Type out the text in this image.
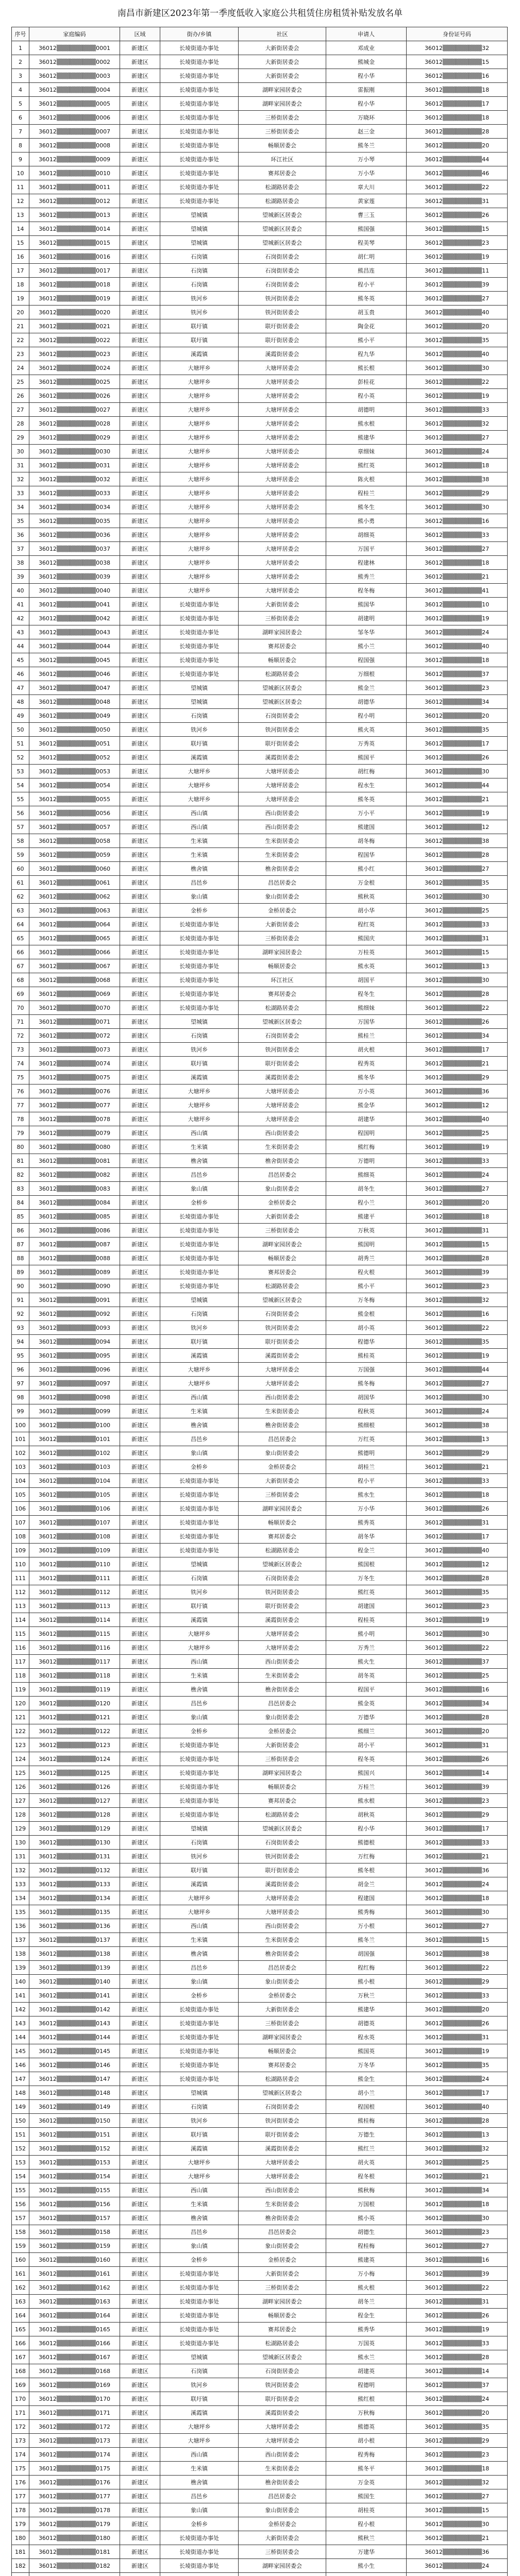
南昌市新建区2023年第一季度低收入家庭公共租赁住房租赁补贴发放名单
序号	家庭编码	区域	街办/乡镇	社区	申请人	身份证号码
1	36012▒▒▒▒▒▒▒▒▒0001	新建区	长堎街道办事处	大新街居委会	邓成业	36012▒▒▒▒▒▒▒▒▒32
2	36012▒▒▒▒▒▒▒▒▒0002	新建区	长堎街道办事处	大新街居委会	熊城金	36012▒▒▒▒▒▒▒▒▒15
3	36012▒▒▒▒▒▒▒▒▒0003	新建区	长堎街道办事处	大新街居委会	程小华	36012▒▒▒▒▒▒▒▒▒16
4	36012▒▒▒▒▒▒▒▒▒0004	新建区	长堎街道办事处	湖畔家园居委会	雷振刚	36012▒▒▒▒▒▒▒▒▒18
5	36012▒▒▒▒▒▒▒▒▒0005	新建区	长堎街道办事处	湖畔家园居委会	程小华	36012▒▒▒▒▒▒▒▒▒17
6	36012▒▒▒▒▒▒▒▒▒0006	新建区	长堎街道办事处	三桥街居委会	万晓环	36012▒▒▒▒▒▒▒▒▒18
7	36012▒▒▒▒▒▒▒▒▒0007	新建区	长堎街道办事处	三桥街居委会	赵三金	36012▒▒▒▒▒▒▒▒▒28
8	36012▒▒▒▒▒▒▒▒▒0008	新建区	长堎街道办事处	畅顺居委会	熊冬兰	36012▒▒▒▒▒▒▒▒▒20
9	36012▒▒▒▒▒▒▒▒▒0009	新建区	长堎街道办事处	环江社区	万小琴	36012▒▒▒▒▒▒▒▒▒44
10	36012▒▒▒▒▒▒▒▒▒0010	新建区	长堎街道办事处	赛邦居委会	万小华	36012▒▒▒▒▒▒▒▒▒46
11	36012▒▒▒▒▒▒▒▒▒0011	新建区	长堎街道办事处	松湖路居委会	章大川	36012▒▒▒▒▒▒▒▒▒22
12	36012▒▒▒▒▒▒▒▒▒0012	新建区	长堎街道办事处	松湖路居委会	黄家莲	36012▒▒▒▒▒▒▒▒▒31
13	36012▒▒▒▒▒▒▒▒▒0013	新建区	望城镇	望城新区居委会	曹三玉	36012▒▒▒▒▒▒▒▒▒26
14	36012▒▒▒▒▒▒▒▒▒0014	新建区	望城镇	望城新区居委会	熊国强	36012▒▒▒▒▒▒▒▒▒15
15	36012▒▒▒▒▒▒▒▒▒0015	新建区	望城镇	望城新区居委会	程美琴	36012▒▒▒▒▒▒▒▒▒23
16	36012▒▒▒▒▒▒▒▒▒0016	新建区	石岗镇	石岗街居委会	胡仁明	36012▒▒▒▒▒▒▒▒▒19
17	36012▒▒▒▒▒▒▒▒▒0017	新建区	石岗镇	石岗街居委会	熊昌连	36012▒▒▒▒▒▒▒▒▒11
18	36012▒▒▒▒▒▒▒▒▒0018	新建区	石岗镇	石岗街居委会	程小平	36012▒▒▒▒▒▒▒▒▒39
19	36012▒▒▒▒▒▒▒▒▒0019	新建区	铁河乡	铁河街居委会	熊冬英	36012▒▒▒▒▒▒▒▒▒27
20	36012▒▒▒▒▒▒▒▒▒0020	新建区	铁河乡	铁河街居委会	胡玉贵	36012▒▒▒▒▒▒▒▒▒40
21	36012▒▒▒▒▒▒▒▒▒0021	新建区	联圩镇	联圩街居委会	陶金花	36012▒▒▒▒▒▒▒▒▒20
22	36012▒▒▒▒▒▒▒▒▒0022	新建区	联圩镇	联圩街居委会	熊小平	36012▒▒▒▒▒▒▒▒▒35
23	36012▒▒▒▒▒▒▒▒▒0023	新建区	溪霞镇	溪霞街居委会	程九华	36012▒▒▒▒▒▒▒▒▒40
24	36012▒▒▒▒▒▒▒▒▒0024	新建区	大塘坪乡	大塘坪居委会	熊长根	36012▒▒▒▒▒▒▒▒▒30
25	36012▒▒▒▒▒▒▒▒▒0025	新建区	大塘坪乡	大塘坪居委会	彭桂花	36012▒▒▒▒▒▒▒▒▒22
26	36012▒▒▒▒▒▒▒▒▒0026	新建区	大塘坪乡	大塘坪居委会	程小英	36012▒▒▒▒▒▒▒▒▒19
27	36012▒▒▒▒▒▒▒▒▒0027	新建区	大塘坪乡	大塘坪居委会	胡德明	36012▒▒▒▒▒▒▒▒▒33
28	36012▒▒▒▒▒▒▒▒▒0028	新建区	大塘坪乡	大塘坪居委会	熊水根	36012▒▒▒▒▒▒▒▒▒32
29	36012▒▒▒▒▒▒▒▒▒0029	新建区	大塘坪乡	大塘坪居委会	熊建华	36012▒▒▒▒▒▒▒▒▒27
30	36012▒▒▒▒▒▒▒▒▒0030	新建区	大塘坪乡	大塘坪居委会	章细妹	36012▒▒▒▒▒▒▒▒▒24
31	36012▒▒▒▒▒▒▒▒▒0031	新建区	大塘坪乡	大塘坪居委会	熊红英	36012▒▒▒▒▒▒▒▒▒18
32	36012▒▒▒▒▒▒▒▒▒0032	新建区	大塘坪乡	大塘坪居委会	陈火根	36012▒▒▒▒▒▒▒▒▒38
33	36012▒▒▒▒▒▒▒▒▒0033	新建区	大塘坪乡	大塘坪居委会	程桂兰	36012▒▒▒▒▒▒▒▒▒29
34	36012▒▒▒▒▒▒▒▒▒0034	新建区	大塘坪乡	大塘坪居委会	熊冬生	36012▒▒▒▒▒▒▒▒▒30
35	36012▒▒▒▒▒▒▒▒▒0035	新建区	大塘坪乡	大塘坪居委会	熊小勇	36012▒▒▒▒▒▒▒▒▒16
36	36012▒▒▒▒▒▒▒▒▒0036	新建区	大塘坪乡	大塘坪居委会	胡细英	36012▒▒▒▒▒▒▒▒▒33
37	36012▒▒▒▒▒▒▒▒▒0037	新建区	大塘坪乡	大塘坪居委会	万国平	36012▒▒▒▒▒▒▒▒▒27
38	36012▒▒▒▒▒▒▒▒▒0038	新建区	大塘坪乡	大塘坪居委会	程建林	36012▒▒▒▒▒▒▒▒▒18
39	36012▒▒▒▒▒▒▒▒▒0039	新建区	大塘坪乡	大塘坪居委会	熊秀兰	36012▒▒▒▒▒▒▒▒▒21
40	36012▒▒▒▒▒▒▒▒▒0040	新建区	大塘坪乡	大塘坪居委会	程冬梅	36012▒▒▒▒▒▒▒▒▒41
41	36012▒▒▒▒▒▒▒▒▒0041	新建区	长堎街道办事处	大新街居委会	熊国华	36012▒▒▒▒▒▒▒▒▒10
42	36012▒▒▒▒▒▒▒▒▒0042	新建区	长堎街道办事处	三桥街居委会	胡建明	36012▒▒▒▒▒▒▒▒▒19
43	36012▒▒▒▒▒▒▒▒▒0043	新建区	长堎街道办事处	湖畔家园居委会	邹冬华	36012▒▒▒▒▒▒▒▒▒24
44	36012▒▒▒▒▒▒▒▒▒0044	新建区	长堎街道办事处	赛邦居委会	熊小兰	36012▒▒▒▒▒▒▒▒▒40
45	36012▒▒▒▒▒▒▒▒▒0045	新建区	长堎街道办事处	畅顺居委会	程国强	36012▒▒▒▒▒▒▒▒▒18
46	36012▒▒▒▒▒▒▒▒▒0046	新建区	长堎街道办事处	松湖路居委会	万细根	36012▒▒▒▒▒▒▒▒▒37
47	36012▒▒▒▒▒▒▒▒▒0047	新建区	望城镇	望城新区居委会	熊金兰	36012▒▒▒▒▒▒▒▒▒23
48	36012▒▒▒▒▒▒▒▒▒0048	新建区	望城镇	望城新区居委会	胡德华	36012▒▒▒▒▒▒▒▒▒34
49	36012▒▒▒▒▒▒▒▒▒0049	新建区	石岗镇	石岗街居委会	程小明	36012▒▒▒▒▒▒▒▒▒20
50	36012▒▒▒▒▒▒▒▒▒0050	新建区	铁河乡	铁河街居委会	熊火英	36012▒▒▒▒▒▒▒▒▒35
51	36012▒▒▒▒▒▒▒▒▒0051	新建区	联圩镇	联圩街居委会	万秀英	36012▒▒▒▒▒▒▒▒▒17
52	36012▒▒▒▒▒▒▒▒▒0052	新建区	溪霞镇	溪霞街居委会	熊国平	36012▒▒▒▒▒▒▒▒▒26
53	36012▒▒▒▒▒▒▒▒▒0053	新建区	大塘坪乡	大塘坪居委会	胡红梅	36012▒▒▒▒▒▒▒▒▒30
54	36012▒▒▒▒▒▒▒▒▒0054	新建区	大塘坪乡	大塘坪居委会	程水生	36012▒▒▒▒▒▒▒▒▒44
55	36012▒▒▒▒▒▒▒▒▒0055	新建区	大塘坪乡	大塘坪居委会	熊冬英	36012▒▒▒▒▒▒▒▒▒21
56	36012▒▒▒▒▒▒▒▒▒0056	新建区	西山镇	西山街居委会	万小平	36012▒▒▒▒▒▒▒▒▒19
57	36012▒▒▒▒▒▒▒▒▒0057	新建区	西山镇	西山街居委会	熊建国	36012▒▒▒▒▒▒▒▒▒12
58	36012▒▒▒▒▒▒▒▒▒0058	新建区	生米镇	生米街居委会	胡冬梅	36012▒▒▒▒▒▒▒▒▒38
59	36012▒▒▒▒▒▒▒▒▒0059	新建区	生米镇	生米街居委会	程国华	36012▒▒▒▒▒▒▒▒▒28
60	36012▒▒▒▒▒▒▒▒▒0060	新建区	樵舍镇	樵舍街居委会	熊小红	36012▒▒▒▒▒▒▒▒▒27
61	36012▒▒▒▒▒▒▒▒▒0061	新建区	昌邑乡	昌邑居委会	万金根	36012▒▒▒▒▒▒▒▒▒35
62	36012▒▒▒▒▒▒▒▒▒0062	新建区	象山镇	象山街居委会	熊秋英	36012▒▒▒▒▒▒▒▒▒30
63	36012▒▒▒▒▒▒▒▒▒0063	新建区	金桥乡	金桥居委会	胡小华	36012▒▒▒▒▒▒▒▒▒25
64	36012▒▒▒▒▒▒▒▒▒0064	新建区	长堎街道办事处	大新街居委会	程红英	36012▒▒▒▒▒▒▒▒▒33
65	36012▒▒▒▒▒▒▒▒▒0065	新建区	长堎街道办事处	三桥街居委会	熊国庆	36012▒▒▒▒▒▒▒▒▒31
66	36012▒▒▒▒▒▒▒▒▒0066	新建区	长堎街道办事处	湖畔家园居委会	万桂英	36012▒▒▒▒▒▒▒▒▒15
67	36012▒▒▒▒▒▒▒▒▒0067	新建区	长堎街道办事处	畅顺居委会	熊水英	36012▒▒▒▒▒▒▒▒▒13
68	36012▒▒▒▒▒▒▒▒▒0068	新建区	长堎街道办事处	环江社区	胡国平	36012▒▒▒▒▒▒▒▒▒30
69	36012▒▒▒▒▒▒▒▒▒0069	新建区	长堎街道办事处	赛邦居委会	程冬生	36012▒▒▒▒▒▒▒▒▒28
70	36012▒▒▒▒▒▒▒▒▒0070	新建区	长堎街道办事处	松湖路居委会	熊细妹	36012▒▒▒▒▒▒▒▒▒22
71	36012▒▒▒▒▒▒▒▒▒0071	新建区	望城镇	望城新区居委会	万国华	36012▒▒▒▒▒▒▒▒▒26
72	36012▒▒▒▒▒▒▒▒▒0072	新建区	石岗镇	石岗街居委会	熊桂兰	36012▒▒▒▒▒▒▒▒▒34
73	36012▒▒▒▒▒▒▒▒▒0073	新建区	铁河乡	铁河街居委会	胡火根	36012▒▒▒▒▒▒▒▒▒17
74	36012▒▒▒▒▒▒▒▒▒0074	新建区	联圩镇	联圩街居委会	程秀英	36012▒▒▒▒▒▒▒▒▒21
75	36012▒▒▒▒▒▒▒▒▒0075	新建区	溪霞镇	溪霞街居委会	熊冬华	36012▒▒▒▒▒▒▒▒▒29
76	36012▒▒▒▒▒▒▒▒▒0076	新建区	大塘坪乡	大塘坪居委会	万小英	36012▒▒▒▒▒▒▒▒▒36
77	36012▒▒▒▒▒▒▒▒▒0077	新建区	大塘坪乡	大塘坪居委会	熊金华	36012▒▒▒▒▒▒▒▒▒12
78	36012▒▒▒▒▒▒▒▒▒0078	新建区	大塘坪乡	大塘坪居委会	胡建华	36012▒▒▒▒▒▒▒▒▒40
79	36012▒▒▒▒▒▒▒▒▒0079	新建区	西山镇	西山街居委会	程国明	36012▒▒▒▒▒▒▒▒▒25
80	36012▒▒▒▒▒▒▒▒▒0080	新建区	生米镇	生米街居委会	熊红梅	36012▒▒▒▒▒▒▒▒▒19
81	36012▒▒▒▒▒▒▒▒▒0081	新建区	樵舍镇	樵舍街居委会	万德明	36012▒▒▒▒▒▒▒▒▒33
82	36012▒▒▒▒▒▒▒▒▒0082	新建区	昌邑乡	昌邑居委会	熊细英	36012▒▒▒▒▒▒▒▒▒24
83	36012▒▒▒▒▒▒▒▒▒0083	新建区	象山镇	象山街居委会	胡冬生	36012▒▒▒▒▒▒▒▒▒27
84	36012▒▒▒▒▒▒▒▒▒0084	新建区	金桥乡	金桥居委会	程小兰	36012▒▒▒▒▒▒▒▒▒20
85	36012▒▒▒▒▒▒▒▒▒0085	新建区	长堎街道办事处	大新街居委会	熊建平	36012▒▒▒▒▒▒▒▒▒18
86	36012▒▒▒▒▒▒▒▒▒0086	新建区	长堎街道办事处	三桥街居委会	万秋英	36012▒▒▒▒▒▒▒▒▒31
87	36012▒▒▒▒▒▒▒▒▒0087	新建区	长堎街道办事处	湖畔家园居委会	熊国明	36012▒▒▒▒▒▒▒▒▒15
88	36012▒▒▒▒▒▒▒▒▒0088	新建区	长堎街道办事处	畅顺居委会	胡秀兰	36012▒▒▒▒▒▒▒▒▒28
89	36012▒▒▒▒▒▒▒▒▒0089	新建区	长堎街道办事处	赛邦居委会	程火根	36012▒▒▒▒▒▒▒▒▒39
90	36012▒▒▒▒▒▒▒▒▒0090	新建区	长堎街道办事处	松湖路居委会	熊小平	36012▒▒▒▒▒▒▒▒▒23
91	36012▒▒▒▒▒▒▒▒▒0091	新建区	望城镇	望城新区居委会	万冬梅	36012▒▒▒▒▒▒▒▒▒32
92	36012▒▒▒▒▒▒▒▒▒0092	新建区	石岗镇	石岗街居委会	熊金根	36012▒▒▒▒▒▒▒▒▒16
93	36012▒▒▒▒▒▒▒▒▒0093	新建区	铁河乡	铁河街居委会	胡小英	36012▒▒▒▒▒▒▒▒▒22
94	36012▒▒▒▒▒▒▒▒▒0094	新建区	联圩镇	联圩街居委会	程德华	36012▒▒▒▒▒▒▒▒▒35
95	36012▒▒▒▒▒▒▒▒▒0095	新建区	溪霞镇	溪霞街居委会	熊桂英	36012▒▒▒▒▒▒▒▒▒19
96	36012▒▒▒▒▒▒▒▒▒0096	新建区	大塘坪乡	大塘坪居委会	万国强	36012▒▒▒▒▒▒▒▒▒44
97	36012▒▒▒▒▒▒▒▒▒0097	新建区	大塘坪乡	大塘坪居委会	熊冬梅	36012▒▒▒▒▒▒▒▒▒27
98	36012▒▒▒▒▒▒▒▒▒0098	新建区	西山镇	西山街居委会	胡国华	36012▒▒▒▒▒▒▒▒▒30
99	36012▒▒▒▒▒▒▒▒▒0099	新建区	生米镇	生米街居委会	程秋英	36012▒▒▒▒▒▒▒▒▒24
100	36012▒▒▒▒▒▒▒▒▒0100	新建区	樵舍镇	樵舍街居委会	熊细根	36012▒▒▒▒▒▒▒▒▒38
101	36012▒▒▒▒▒▒▒▒▒0101	新建区	昌邑乡	昌邑居委会	万红英	36012▒▒▒▒▒▒▒▒▒13
102	36012▒▒▒▒▒▒▒▒▒0102	新建区	象山镇	象山街居委会	熊德明	36012▒▒▒▒▒▒▒▒▒29
103	36012▒▒▒▒▒▒▒▒▒0103	新建区	金桥乡	金桥居委会	胡桂兰	36012▒▒▒▒▒▒▒▒▒21
104	36012▒▒▒▒▒▒▒▒▒0104	新建区	长堎街道办事处	大新街居委会	程小平	36012▒▒▒▒▒▒▒▒▒33
105	36012▒▒▒▒▒▒▒▒▒0105	新建区	长堎街道办事处	三桥街居委会	熊水生	36012▒▒▒▒▒▒▒▒▒18
106	36012▒▒▒▒▒▒▒▒▒0106	新建区	长堎街道办事处	湖畔家园居委会	万小华	36012▒▒▒▒▒▒▒▒▒26
107	36012▒▒▒▒▒▒▒▒▒0107	新建区	长堎街道办事处	畅顺居委会	熊秀英	36012▒▒▒▒▒▒▒▒▒31
108	36012▒▒▒▒▒▒▒▒▒0108	新建区	长堎街道办事处	赛邦居委会	胡冬华	36012▒▒▒▒▒▒▒▒▒17
109	36012▒▒▒▒▒▒▒▒▒0109	新建区	长堎街道办事处	松湖路居委会	程金兰	36012▒▒▒▒▒▒▒▒▒40
110	36012▒▒▒▒▒▒▒▒▒0110	新建区	望城镇	望城新区居委会	熊国根	36012▒▒▒▒▒▒▒▒▒12
111	36012▒▒▒▒▒▒▒▒▒0111	新建区	石岗镇	石岗街居委会	万冬生	36012▒▒▒▒▒▒▒▒▒28
112	36012▒▒▒▒▒▒▒▒▒0112	新建区	铁河乡	铁河街居委会	熊红英	36012▒▒▒▒▒▒▒▒▒35
113	36012▒▒▒▒▒▒▒▒▒0113	新建区	联圩镇	联圩街居委会	胡建国	36012▒▒▒▒▒▒▒▒▒23
114	36012▒▒▒▒▒▒▒▒▒0114	新建区	溪霞镇	溪霞街居委会	程桂英	36012▒▒▒▒▒▒▒▒▒19
115	36012▒▒▒▒▒▒▒▒▒0115	新建区	大塘坪乡	大塘坪居委会	熊小明	36012▒▒▒▒▒▒▒▒▒30
116	36012▒▒▒▒▒▒▒▒▒0116	新建区	大塘坪乡	大塘坪居委会	万秀兰	36012▒▒▒▒▒▒▒▒▒22
117	36012▒▒▒▒▒▒▒▒▒0117	新建区	西山镇	西山街居委会	熊火生	36012▒▒▒▒▒▒▒▒▒37
118	36012▒▒▒▒▒▒▒▒▒0118	新建区	生米镇	生米街居委会	胡冬英	36012▒▒▒▒▒▒▒▒▒25
119	36012▒▒▒▒▒▒▒▒▒0119	新建区	樵舍镇	樵舍街居委会	程国平	36012▒▒▒▒▒▒▒▒▒16
120	36012▒▒▒▒▒▒▒▒▒0120	新建区	昌邑乡	昌邑居委会	熊金英	36012▒▒▒▒▒▒▒▒▒34
121	36012▒▒▒▒▒▒▒▒▒0121	新建区	象山镇	象山街居委会	万德华	36012▒▒▒▒▒▒▒▒▒28
122	36012▒▒▒▒▒▒▒▒▒0122	新建区	金桥乡	金桥居委会	熊细兰	36012▒▒▒▒▒▒▒▒▒20
123	36012▒▒▒▒▒▒▒▒▒0123	新建区	长堎街道办事处	大新街居委会	胡小平	36012▒▒▒▒▒▒▒▒▒31
124	36012▒▒▒▒▒▒▒▒▒0124	新建区	长堎街道办事处	三桥街居委会	程冬英	36012▒▒▒▒▒▒▒▒▒26
125	36012▒▒▒▒▒▒▒▒▒0125	新建区	长堎街道办事处	湖畔家园居委会	熊国兴	36012▒▒▒▒▒▒▒▒▒14
126	36012▒▒▒▒▒▒▒▒▒0126	新建区	长堎街道办事处	畅顺居委会	万桂兰	36012▒▒▒▒▒▒▒▒▒39
127	36012▒▒▒▒▒▒▒▒▒0127	新建区	长堎街道办事处	赛邦居委会	熊水根	36012▒▒▒▒▒▒▒▒▒23
128	36012▒▒▒▒▒▒▒▒▒0128	新建区	长堎街道办事处	松湖路居委会	胡秋英	36012▒▒▒▒▒▒▒▒▒29
129	36012▒▒▒▒▒▒▒▒▒0129	新建区	望城镇	望城新区居委会	程小华	36012▒▒▒▒▒▒▒▒▒17
130	36012▒▒▒▒▒▒▒▒▒0130	新建区	石岗镇	石岗街居委会	熊德根	36012▒▒▒▒▒▒▒▒▒33
131	36012▒▒▒▒▒▒▒▒▒0131	新建区	铁河乡	铁河街居委会	万红梅	36012▒▒▒▒▒▒▒▒▒21
132	36012▒▒▒▒▒▒▒▒▒0132	新建区	联圩镇	联圩街居委会	熊冬根	36012▒▒▒▒▒▒▒▒▒36
133	36012▒▒▒▒▒▒▒▒▒0133	新建区	溪霞镇	溪霞街居委会	胡金兰	36012▒▒▒▒▒▒▒▒▒24
134	36012▒▒▒▒▒▒▒▒▒0134	新建区	大塘坪乡	大塘坪居委会	程建国	36012▒▒▒▒▒▒▒▒▒18
135	36012▒▒▒▒▒▒▒▒▒0135	新建区	大塘坪乡	大塘坪居委会	熊秀梅	36012▒▒▒▒▒▒▒▒▒30
136	36012▒▒▒▒▒▒▒▒▒0136	新建区	西山镇	西山街居委会	万小根	36012▒▒▒▒▒▒▒▒▒27
137	36012▒▒▒▒▒▒▒▒▒0137	新建区	生米镇	生米街居委会	熊冬兰	36012▒▒▒▒▒▒▒▒▒15
138	36012▒▒▒▒▒▒▒▒▒0138	新建区	樵舍镇	樵舍街居委会	胡国强	36012▒▒▒▒▒▒▒▒▒38
139	36012▒▒▒▒▒▒▒▒▒0139	新建区	昌邑乡	昌邑居委会	程红梅	36012▒▒▒▒▒▒▒▒▒22
140	36012▒▒▒▒▒▒▒▒▒0140	新建区	象山镇	象山街居委会	熊小根	36012▒▒▒▒▒▒▒▒▒29
141	36012▒▒▒▒▒▒▒▒▒0141	新建区	金桥乡	金桥居委会	万秋兰	36012▒▒▒▒▒▒▒▒▒33
142	36012▒▒▒▒▒▒▒▒▒0142	新建区	长堎街道办事处	大新街居委会	熊建华	36012▒▒▒▒▒▒▒▒▒20
143	36012▒▒▒▒▒▒▒▒▒0143	新建区	长堎街道办事处	三桥街居委会	胡德英	36012▒▒▒▒▒▒▒▒▒26
144	36012▒▒▒▒▒▒▒▒▒0144	新建区	长堎街道办事处	湖畔家园居委会	程水英	36012▒▒▒▒▒▒▒▒▒31
145	36012▒▒▒▒▒▒▒▒▒0145	新建区	长堎街道办事处	畅顺居委会	熊国英	36012▒▒▒▒▒▒▒▒▒19
146	36012▒▒▒▒▒▒▒▒▒0146	新建区	长堎街道办事处	赛邦居委会	万冬华	36012▒▒▒▒▒▒▒▒▒35
147	36012▒▒▒▒▒▒▒▒▒0147	新建区	长堎街道办事处	松湖路居委会	熊金生	36012▒▒▒▒▒▒▒▒▒24
148	36012▒▒▒▒▒▒▒▒▒0148	新建区	望城镇	望城新区居委会	胡小兰	36012▒▒▒▒▒▒▒▒▒17
149	36012▒▒▒▒▒▒▒▒▒0149	新建区	石岗镇	石岗街居委会	程国根	36012▒▒▒▒▒▒▒▒▒40
150	36012▒▒▒▒▒▒▒▒▒0150	新建区	铁河乡	铁河街居委会	熊桂梅	36012▒▒▒▒▒▒▒▒▒28
151	36012▒▒▒▒▒▒▒▒▒0151	新建区	联圩镇	联圩街居委会	万德生	36012▒▒▒▒▒▒▒▒▒13
152	36012▒▒▒▒▒▒▒▒▒0152	新建区	溪霞镇	溪霞街居委会	熊红兰	36012▒▒▒▒▒▒▒▒▒32
153	36012▒▒▒▒▒▒▒▒▒0153	新建区	大塘坪乡	大塘坪居委会	胡火英	36012▒▒▒▒▒▒▒▒▒25
154	36012▒▒▒▒▒▒▒▒▒0154	新建区	大塘坪乡	大塘坪居委会	程冬根	36012▒▒▒▒▒▒▒▒▒21
155	36012▒▒▒▒▒▒▒▒▒0155	新建区	西山镇	西山街居委会	熊秋梅	36012▒▒▒▒▒▒▒▒▒34
156	36012▒▒▒▒▒▒▒▒▒0156	新建区	生米镇	生米街居委会	万国根	36012▒▒▒▒▒▒▒▒▒18
157	36012▒▒▒▒▒▒▒▒▒0157	新建区	樵舍镇	樵舍街居委会	熊小英	36012▒▒▒▒▒▒▒▒▒30
158	36012▒▒▒▒▒▒▒▒▒0158	新建区	昌邑乡	昌邑居委会	胡德生	36012▒▒▒▒▒▒▒▒▒23
159	36012▒▒▒▒▒▒▒▒▒0159	新建区	象山镇	象山街居委会	程桂梅	36012▒▒▒▒▒▒▒▒▒27
160	36012▒▒▒▒▒▒▒▒▒0160	新建区	金桥乡	金桥居委会	熊建英	36012▒▒▒▒▒▒▒▒▒16
161	36012▒▒▒▒▒▒▒▒▒0161	新建区	长堎街道办事处	大新街居委会	万小梅	36012▒▒▒▒▒▒▒▒▒39
162	36012▒▒▒▒▒▒▒▒▒0162	新建区	长堎街道办事处	三桥街居委会	熊火根	36012▒▒▒▒▒▒▒▒▒22
163	36012▒▒▒▒▒▒▒▒▒0163	新建区	长堎街道办事处	湖畔家园居委会	胡冬兰	36012▒▒▒▒▒▒▒▒▒31
164	36012▒▒▒▒▒▒▒▒▒0164	新建区	长堎街道办事处	畅顺居委会	程金生	36012▒▒▒▒▒▒▒▒▒26
165	36012▒▒▒▒▒▒▒▒▒0165	新建区	长堎街道办事处	赛邦居委会	熊秀华	36012▒▒▒▒▒▒▒▒▒19
166	36012▒▒▒▒▒▒▒▒▒0166	新建区	长堎街道办事处	松湖路居委会	万国英	36012▒▒▒▒▒▒▒▒▒33
167	36012▒▒▒▒▒▒▒▒▒0167	新建区	望城镇	望城新区居委会	熊水兰	36012▒▒▒▒▒▒▒▒▒28
168	36012▒▒▒▒▒▒▒▒▒0168	新建区	石岗镇	石岗街居委会	胡建英	36012▒▒▒▒▒▒▒▒▒14
169	36012▒▒▒▒▒▒▒▒▒0169	新建区	铁河乡	铁河街居委会	程德明	36012▒▒▒▒▒▒▒▒▒37
170	36012▒▒▒▒▒▒▒▒▒0170	新建区	联圩镇	联圩街居委会	熊红根	36012▒▒▒▒▒▒▒▒▒24
171	36012▒▒▒▒▒▒▒▒▒0171	新建区	溪霞镇	溪霞街居委会	万秋梅	36012▒▒▒▒▒▒▒▒▒20
172	36012▒▒▒▒▒▒▒▒▒0172	新建区	大塘坪乡	大塘坪居委会	熊德英	36012▒▒▒▒▒▒▒▒▒35
173	36012▒▒▒▒▒▒▒▒▒0173	新建区	大塘坪乡	大塘坪居委会	胡小根	36012▒▒▒▒▒▒▒▒▒29
174	36012▒▒▒▒▒▒▒▒▒0174	新建区	西山镇	西山街居委会	程秀梅	36012▒▒▒▒▒▒▒▒▒23
175	36012▒▒▒▒▒▒▒▒▒0175	新建区	生米镇	生米街居委会	熊冬平	36012▒▒▒▒▒▒▒▒▒18
176	36012▒▒▒▒▒▒▒▒▒0176	新建区	樵舍镇	樵舍街居委会	万金英	36012▒▒▒▒▒▒▒▒▒32
177	36012▒▒▒▒▒▒▒▒▒0177	新建区	昌邑乡	昌邑居委会	熊国生	36012▒▒▒▒▒▒▒▒▒27
178	36012▒▒▒▒▒▒▒▒▒0178	新建区	象山镇	象山街居委会	胡桂英	36012▒▒▒▒▒▒▒▒▒15
179	36012▒▒▒▒▒▒▒▒▒0179	新建区	金桥乡	金桥居委会	程小根	36012▒▒▒▒▒▒▒▒▒30
180	36012▒▒▒▒▒▒▒▒▒0180	新建区	长堎街道办事处	大新街居委会	熊秋兰	36012▒▒▒▒▒▒▒▒▒21
181	36012▒▒▒▒▒▒▒▒▒0181	新建区	长堎街道办事处	三桥街居委会	万建华	36012▒▒▒▒▒▒▒▒▒36
182	36012▒▒▒▒▒▒▒▒▒0182	新建区	长堎街道办事处	湖畔家园居委会	熊小生	36012▒▒▒▒▒▒▒▒▒24
